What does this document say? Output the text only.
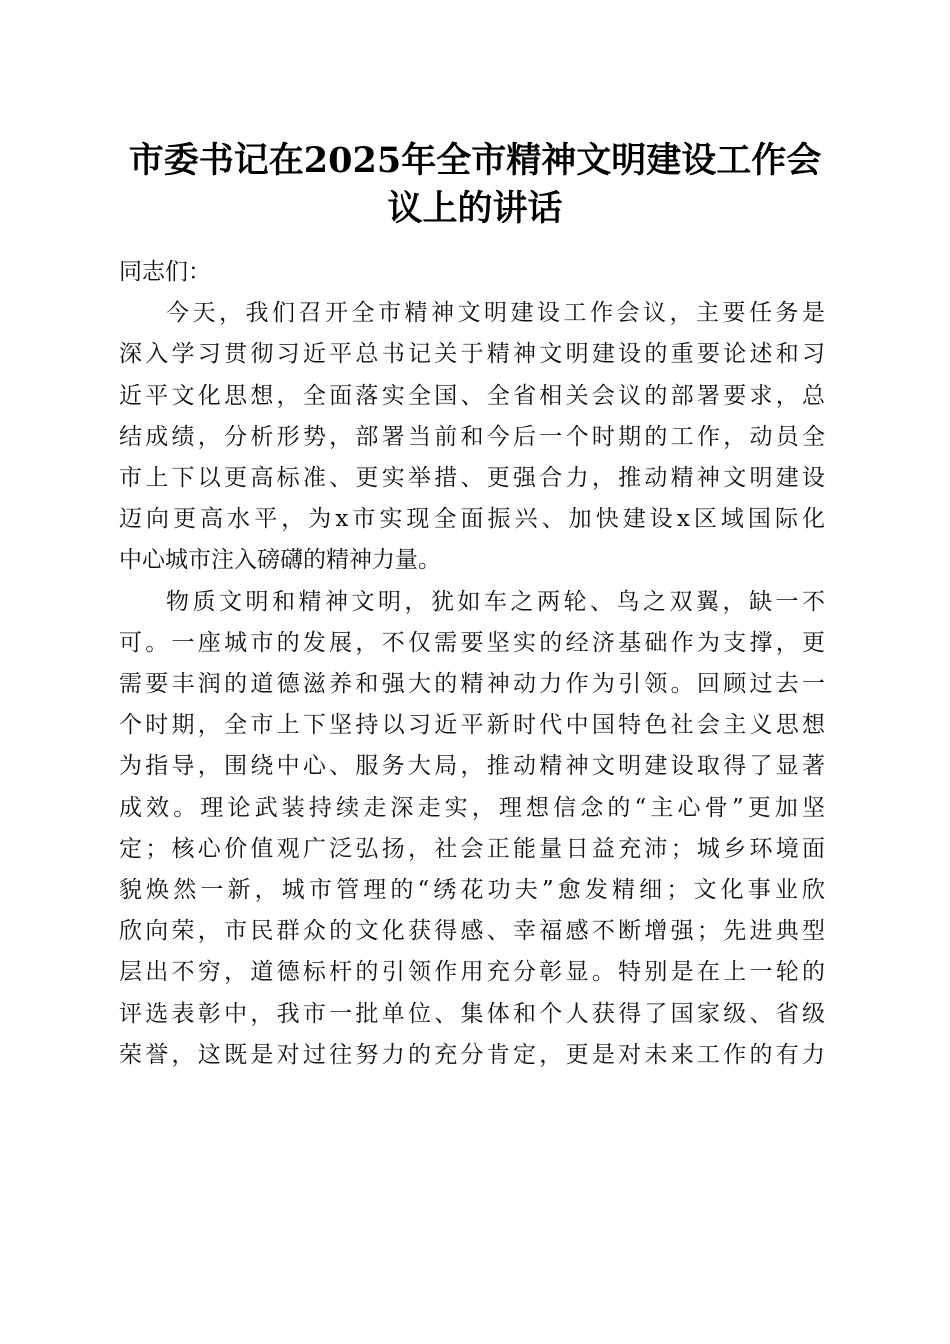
市委书记在2025年全市精神文明建设工作会
议上的讲话

同志们：

今天，我们召开全市精神文明建设工作会议，主要任务是
深入学习贯彻习近平总书记关于精神文明建设的重要论述和习
近平文化思想，全面落实全国、全省相关会议的部署要求，总
结成绩，分析形势，部署当前和今后一个时期的工作，动员全
市上下以更高标准、更实举措、更强合力，推动精神文明建设
迈向更高水平，为x市实现全面振兴、加快建设x区域国际化
中心城市注入磅礴的精神力量。
物质文明和精神文明，犹如车之两轮、鸟之双翼，缺一不
可。一座城市的发展，不仅需要坚实的经济基础作为支撑，更
需要丰润的道德滋养和强大的精神动力作为引领。回顾过去一
个时期，全市上下坚持以习近平新时代中国特色社会主义思想
为指导，围绕中心、服务大局，推动精神文明建设取得了显著
成效。理论武装持续走深走实，理想信念的“主心骨”更加坚
定；核心价值观广泛弘扬，社会正能量日益充沛；城乡环境面
貌焕然一新，城市管理的“绣花功夫”愈发精细；文化事业欣
欣向荣，市民群众的文化获得感、幸福感不断增强；先进典型
层出不穷，道德标杆的引领作用充分彰显。特别是在上一轮的
评选表彰中，我市一批单位、集体和个人获得了国家级、省级
荣誉，这既是对过往努力的充分肯定，更是对未来工作的有力
